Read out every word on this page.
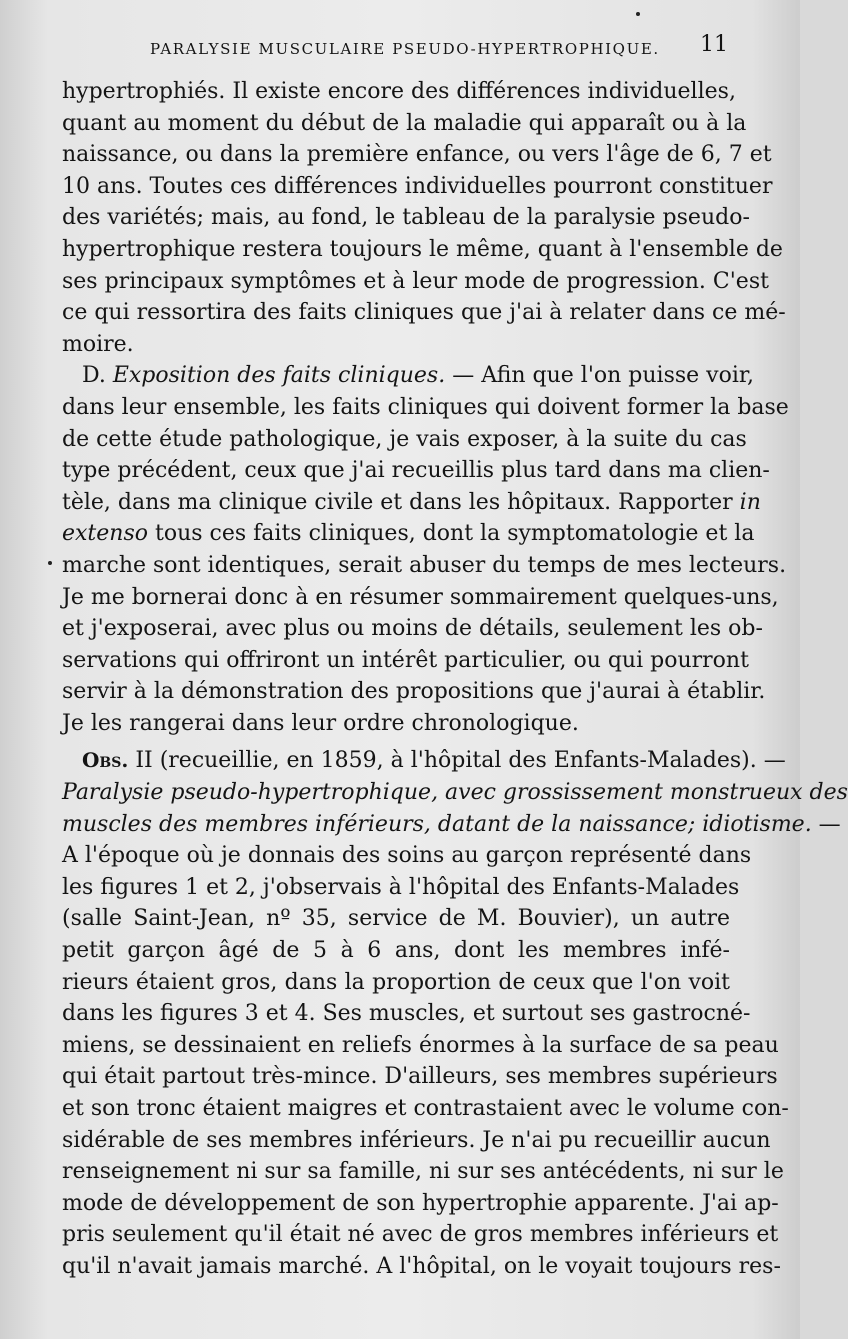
PARALYSIE MUSCULAIRE PSEUDO-HYPERTROPHIQUE.	11
hypertrophiés. Il existe encore des différences individuelles,
quant au moment du début de la maladie qui apparaît ou à la
naissance, ou dans la première enfance, ou vers l'âge de 6, 7 et
10 ans. Toutes ces différences individuelles pourront constituer
des variétés; mais, au fond, le tableau de la paralysie pseudo-
hypertrophique restera toujours le même, quant à l'ensemble de
ses principaux symptômes et à leur mode de progression. C'est
ce qui ressortira des faits cliniques que j'ai à relater dans ce mé-
moire.
D. Exposition des faits cliniques. — Afin que l'on puisse voir,
dans leur ensemble, les faits cliniques qui doivent former la base
de cette étude pathologique, je vais exposer, à la suite du cas
type précédent, ceux que j'ai recueillis plus tard dans ma clien-
tèle, dans ma clinique civile et dans les hôpitaux. Rapporter in
extenso tous ces faits cliniques, dont la symptomatologie et la
marche sont identiques, serait abuser du temps de mes lecteurs.
Je me bornerai donc à en résumer sommairement quelques-uns,
et j'exposerai, avec plus ou moins de détails, seulement les ob-
servations qui offriront un intérêt particulier, ou qui pourront
servir à la démonstration des propositions que j'aurai à établir.
Je les rangerai dans leur ordre chronologique.
Obs. II (recueillie, en 1859, à l'hôpital des Enfants-Malades). —
Paralysie pseudo-hypertrophique, avec grossissement monstrueux des
muscles des membres inférieurs, datant de la naissance; idiotisme. —
A l'époque où je donnais des soins au garçon représenté dans
les figures 1 et 2, j'observais à l'hôpital des Enfants-Malades
(salle Saint-Jean, nº 35, service de M. Bouvier), un autre
petit garçon âgé de 5 à 6 ans, dont les membres infé-
rieurs étaient gros, dans la proportion de ceux que l'on voit
dans les figures 3 et 4. Ses muscles, et surtout ses gastrocné-
miens, se dessinaient en reliefs énormes à la surface de sa peau
qui était partout très-mince. D'ailleurs, ses membres supérieurs
et son tronc étaient maigres et contrastaient avec le volume con-
sidérable de ses membres inférieurs. Je n'ai pu recueillir aucun
renseignement ni sur sa famille, ni sur ses antécédents, ni sur le
mode de développement de son hypertrophie apparente. J'ai ap-
pris seulement qu'il était né avec de gros membres inférieurs et
qu'il n'avait jamais marché. A l'hôpital, on le voyait toujours res-
